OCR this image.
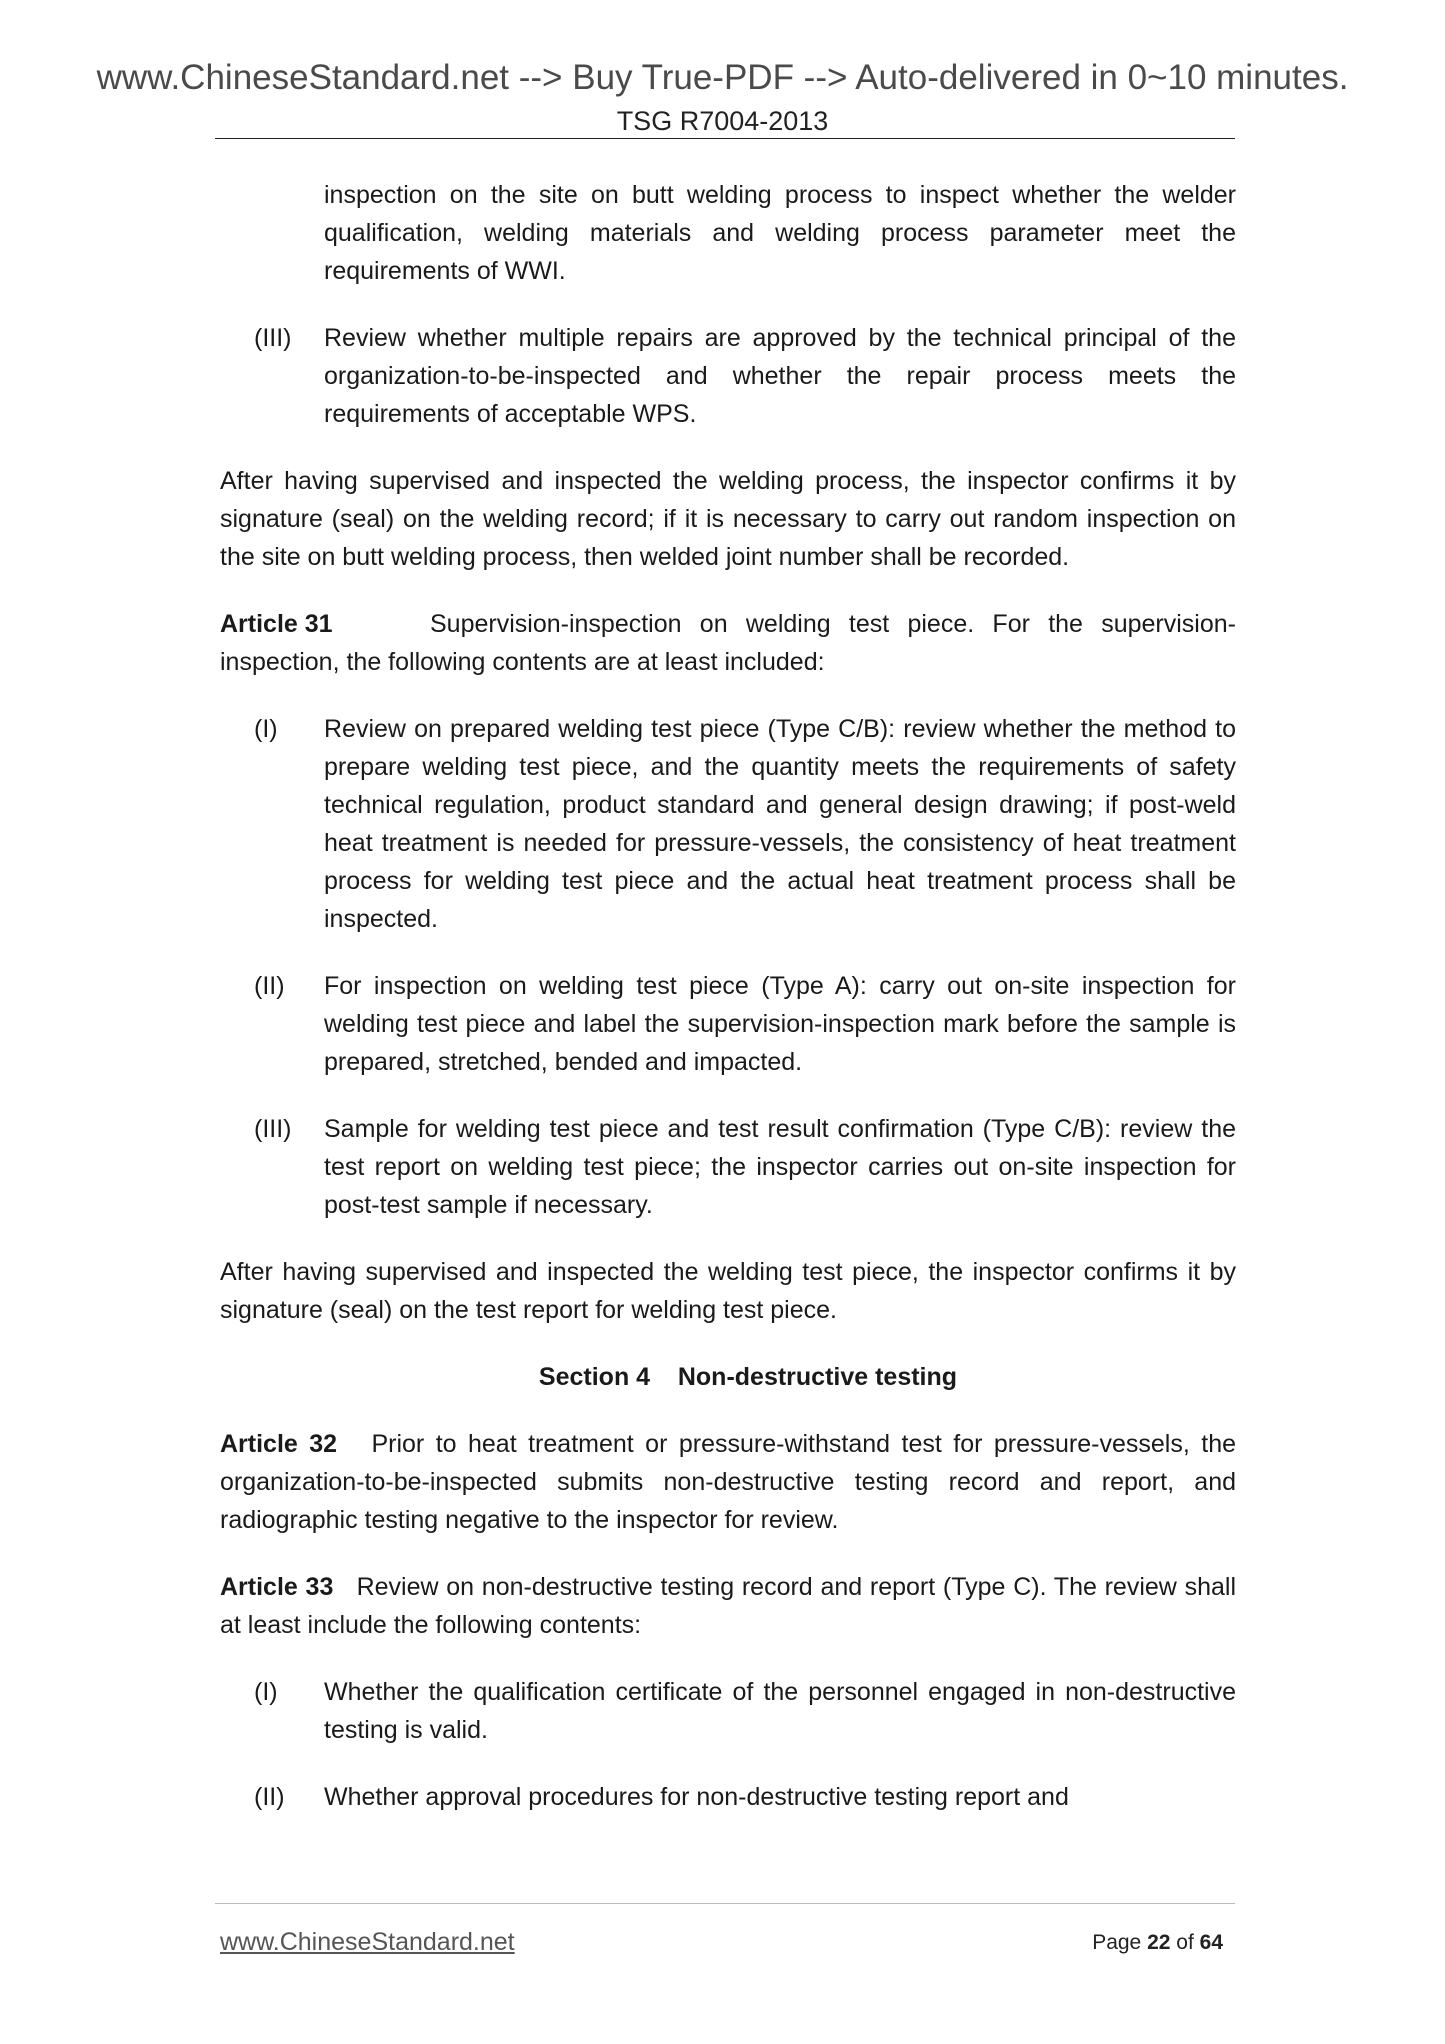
www.ChineseStandard.net --> Buy True-PDF --> Auto-delivered in 0~10 minutes.
TSG R7004-2013

inspection on the site on butt welding process to inspect whether the welder qualification, welding materials and welding process parameter meet the requirements of WWI.

(III) Review whether multiple repairs are approved by the technical principal of the organization-to-be-inspected and whether the repair process meets the requirements of acceptable WPS.

After having supervised and inspected the welding process, the inspector confirms it by signature (seal) on the welding record; if it is necessary to carry out random inspection on the site on butt welding process, then welded joint number shall be recorded.

Article 31	Supervision-inspection on welding test piece. For the supervision-inspection, the following contents are at least included:

(I) Review on prepared welding test piece (Type C/B): review whether the method to prepare welding test piece, and the quantity meets the requirements of safety technical regulation, product standard and general design drawing; if post-weld heat treatment is needed for pressure-vessels, the consistency of heat treatment process for welding test piece and the actual heat treatment process shall be inspected.

(II) For inspection on welding test piece (Type A): carry out on-site inspection for welding test piece and label the supervision-inspection mark before the sample is prepared, stretched, bended and impacted.

(III) Sample for welding test piece and test result confirmation (Type C/B): review the test report on welding test piece; the inspector carries out on-site inspection for post-test sample if necessary.

After having supervised and inspected the welding test piece, the inspector confirms it by signature (seal) on the test report for welding test piece.

Section 4    Non-destructive testing

Article 32 Prior to heat treatment or pressure-withstand test for pressure-vessels, the organization-to-be-inspected submits non-destructive testing record and report, and radiographic testing negative to the inspector for review.

Article 33 Review on non-destructive testing record and report (Type C). The review shall at least include the following contents:

(I) Whether the qualification certificate of the personnel engaged in non-destructive testing is valid.

(II) Whether approval procedures for non-destructive testing report and

www.ChineseStandard.net	Page 22 of 64
